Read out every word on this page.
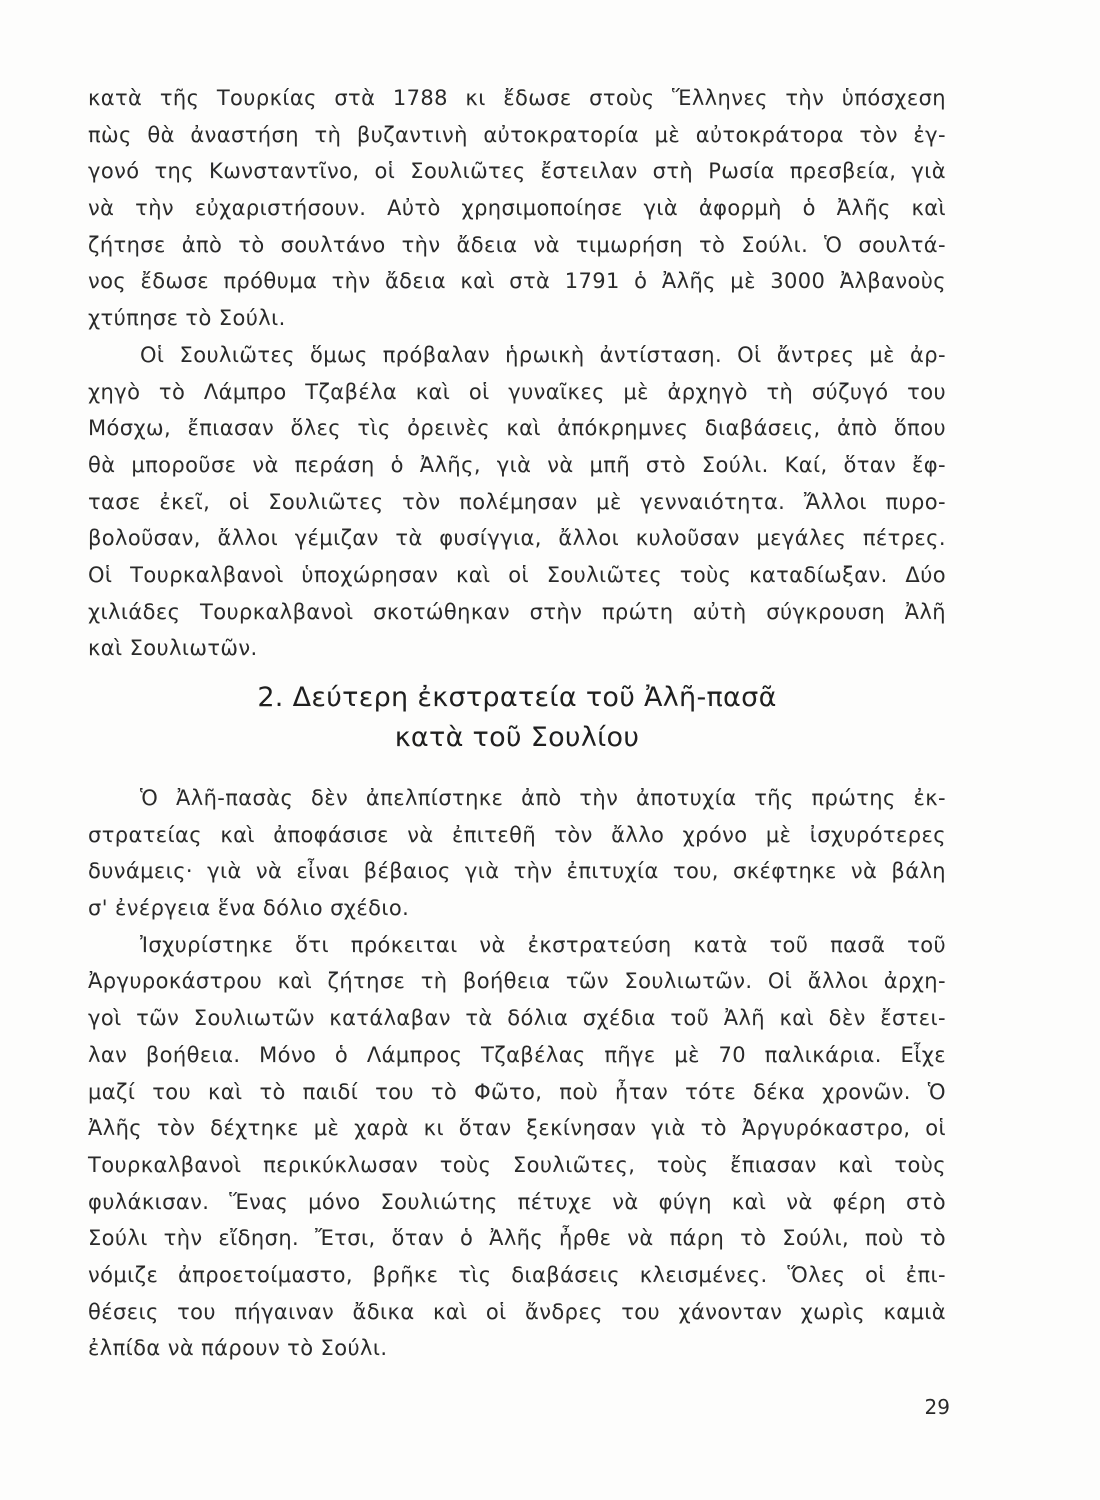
κατὰ τῆς Τουρκίας στὰ 1788 κι ἔδωσε στοὺς Ἕλληνες τὴν ὑπόσχεση
πὼς θὰ ἀναστήση τὴ βυζαντινὴ αὐτοκρατορία μὲ αὐτοκράτορα τὸν ἐγ-
γονό της Κωνσταντῖνο, οἱ Σουλιῶτες ἔστειλαν στὴ Ρωσία πρεσβεία, γιὰ
νὰ τὴν εὐχαριστήσουν. Αὐτὸ χρησιμοποίησε γιὰ ἀφορμὴ ὁ Ἀλῆς καὶ
ζήτησε ἀπὸ τὸ σουλτάνο τὴν ἄδεια νὰ τιμωρήση τὸ Σούλι. Ὁ σουλτά-
νος ἔδωσε πρόθυμα τὴν ἄδεια καὶ στὰ 1791 ὁ Ἀλῆς μὲ 3000 Ἀλβανοὺς
χτύπησε τὸ Σούλι.
Οἱ Σουλιῶτες ὅμως πρόβαλαν ἡρωικὴ ἀντίσταση. Οἱ ἄντρες μὲ ἀρ-
χηγὸ τὸ Λάμπρο Τζαβέλα καὶ οἱ γυναῖκες μὲ ἀρχηγὸ τὴ σύζυγό του
Μόσχω, ἔπιασαν ὅλες τὶς ὀρεινὲς καὶ ἀπόκρημνες διαβάσεις, ἀπὸ ὅπου
θὰ μποροῦσε νὰ περάση ὁ Ἀλῆς, γιὰ νὰ μπῆ στὸ Σούλι. Καί, ὅταν ἔφ-
τασε ἐκεῖ, οἱ Σουλιῶτες τὸν πολέμησαν μὲ γενναιότητα. Ἄλλοι πυρο-
βολοῦσαν, ἄλλοι γέμιζαν τὰ φυσίγγια, ἄλλοι κυλοῦσαν μεγάλες πέτρες.
Οἱ Τουρκαλβανοὶ ὑποχώρησαν καὶ οἱ Σουλιῶτες τοὺς καταδίωξαν. Δύο
χιλιάδες Τουρκαλβανοὶ σκοτώθηκαν στὴν πρώτη αὐτὴ σύγκρουση Ἀλῆ
καὶ Σουλιωτῶν.
2. Δεύτερη ἐκστρατεία τοῦ Ἀλῆ-πασᾶ
κατὰ τοῦ Σουλίου
Ὁ Ἀλῆ-πασὰς δὲν ἀπελπίστηκε ἀπὸ τὴν ἀποτυχία τῆς πρώτης ἐκ-
στρατείας καὶ ἀποφάσισε νὰ ἐπιτεθῆ τὸν ἄλλο χρόνο μὲ ἰσχυρότερες
δυνάμεις· γιὰ νὰ εἶναι βέβαιος γιὰ τὴν ἐπιτυχία του, σκέφτηκε νὰ βάλη
σ' ἐνέργεια ἕνα δόλιο σχέδιο.
Ἰσχυρίστηκε ὅτι πρόκειται νὰ ἐκστρατεύση κατὰ τοῦ πασᾶ τοῦ
Ἀργυροκάστρου καὶ ζήτησε τὴ βοήθεια τῶν Σουλιωτῶν. Οἱ ἄλλοι ἀρχη-
γοὶ τῶν Σουλιωτῶν κατάλαβαν τὰ δόλια σχέδια τοῦ Ἀλῆ καὶ δὲν ἔστει-
λαν βοήθεια. Μόνο ὁ Λάμπρος Τζαβέλας πῆγε μὲ 70 παλικάρια. Εἶχε
μαζί του καὶ τὸ παιδί του τὸ Φῶτο, ποὺ ἦταν τότε δέκα χρονῶν. Ὁ
Ἀλῆς τὸν δέχτηκε μὲ χαρὰ κι ὅταν ξεκίνησαν γιὰ τὸ Ἀργυρόκαστρο, οἱ
Τουρκαλβανοὶ περικύκλωσαν τοὺς Σουλιῶτες, τοὺς ἔπιασαν καὶ τοὺς
φυλάκισαν. Ἕνας μόνο Σουλιώτης πέτυχε νὰ φύγη καὶ νὰ φέρη στὸ
Σούλι τὴν εἴδηση. Ἔτσι, ὅταν ὁ Ἀλῆς ἦρθε νὰ πάρη τὸ Σούλι, ποὺ τὸ
νόμιζε ἀπροετοίμαστο, βρῆκε τὶς διαβάσεις κλεισμένες. Ὅλες οἱ ἐπι-
θέσεις του πήγαιναν ἄδικα καὶ οἱ ἄνδρες του χάνονταν χωρὶς καμιὰ
ἐλπίδα νὰ πάρουν τὸ Σούλι.
29
